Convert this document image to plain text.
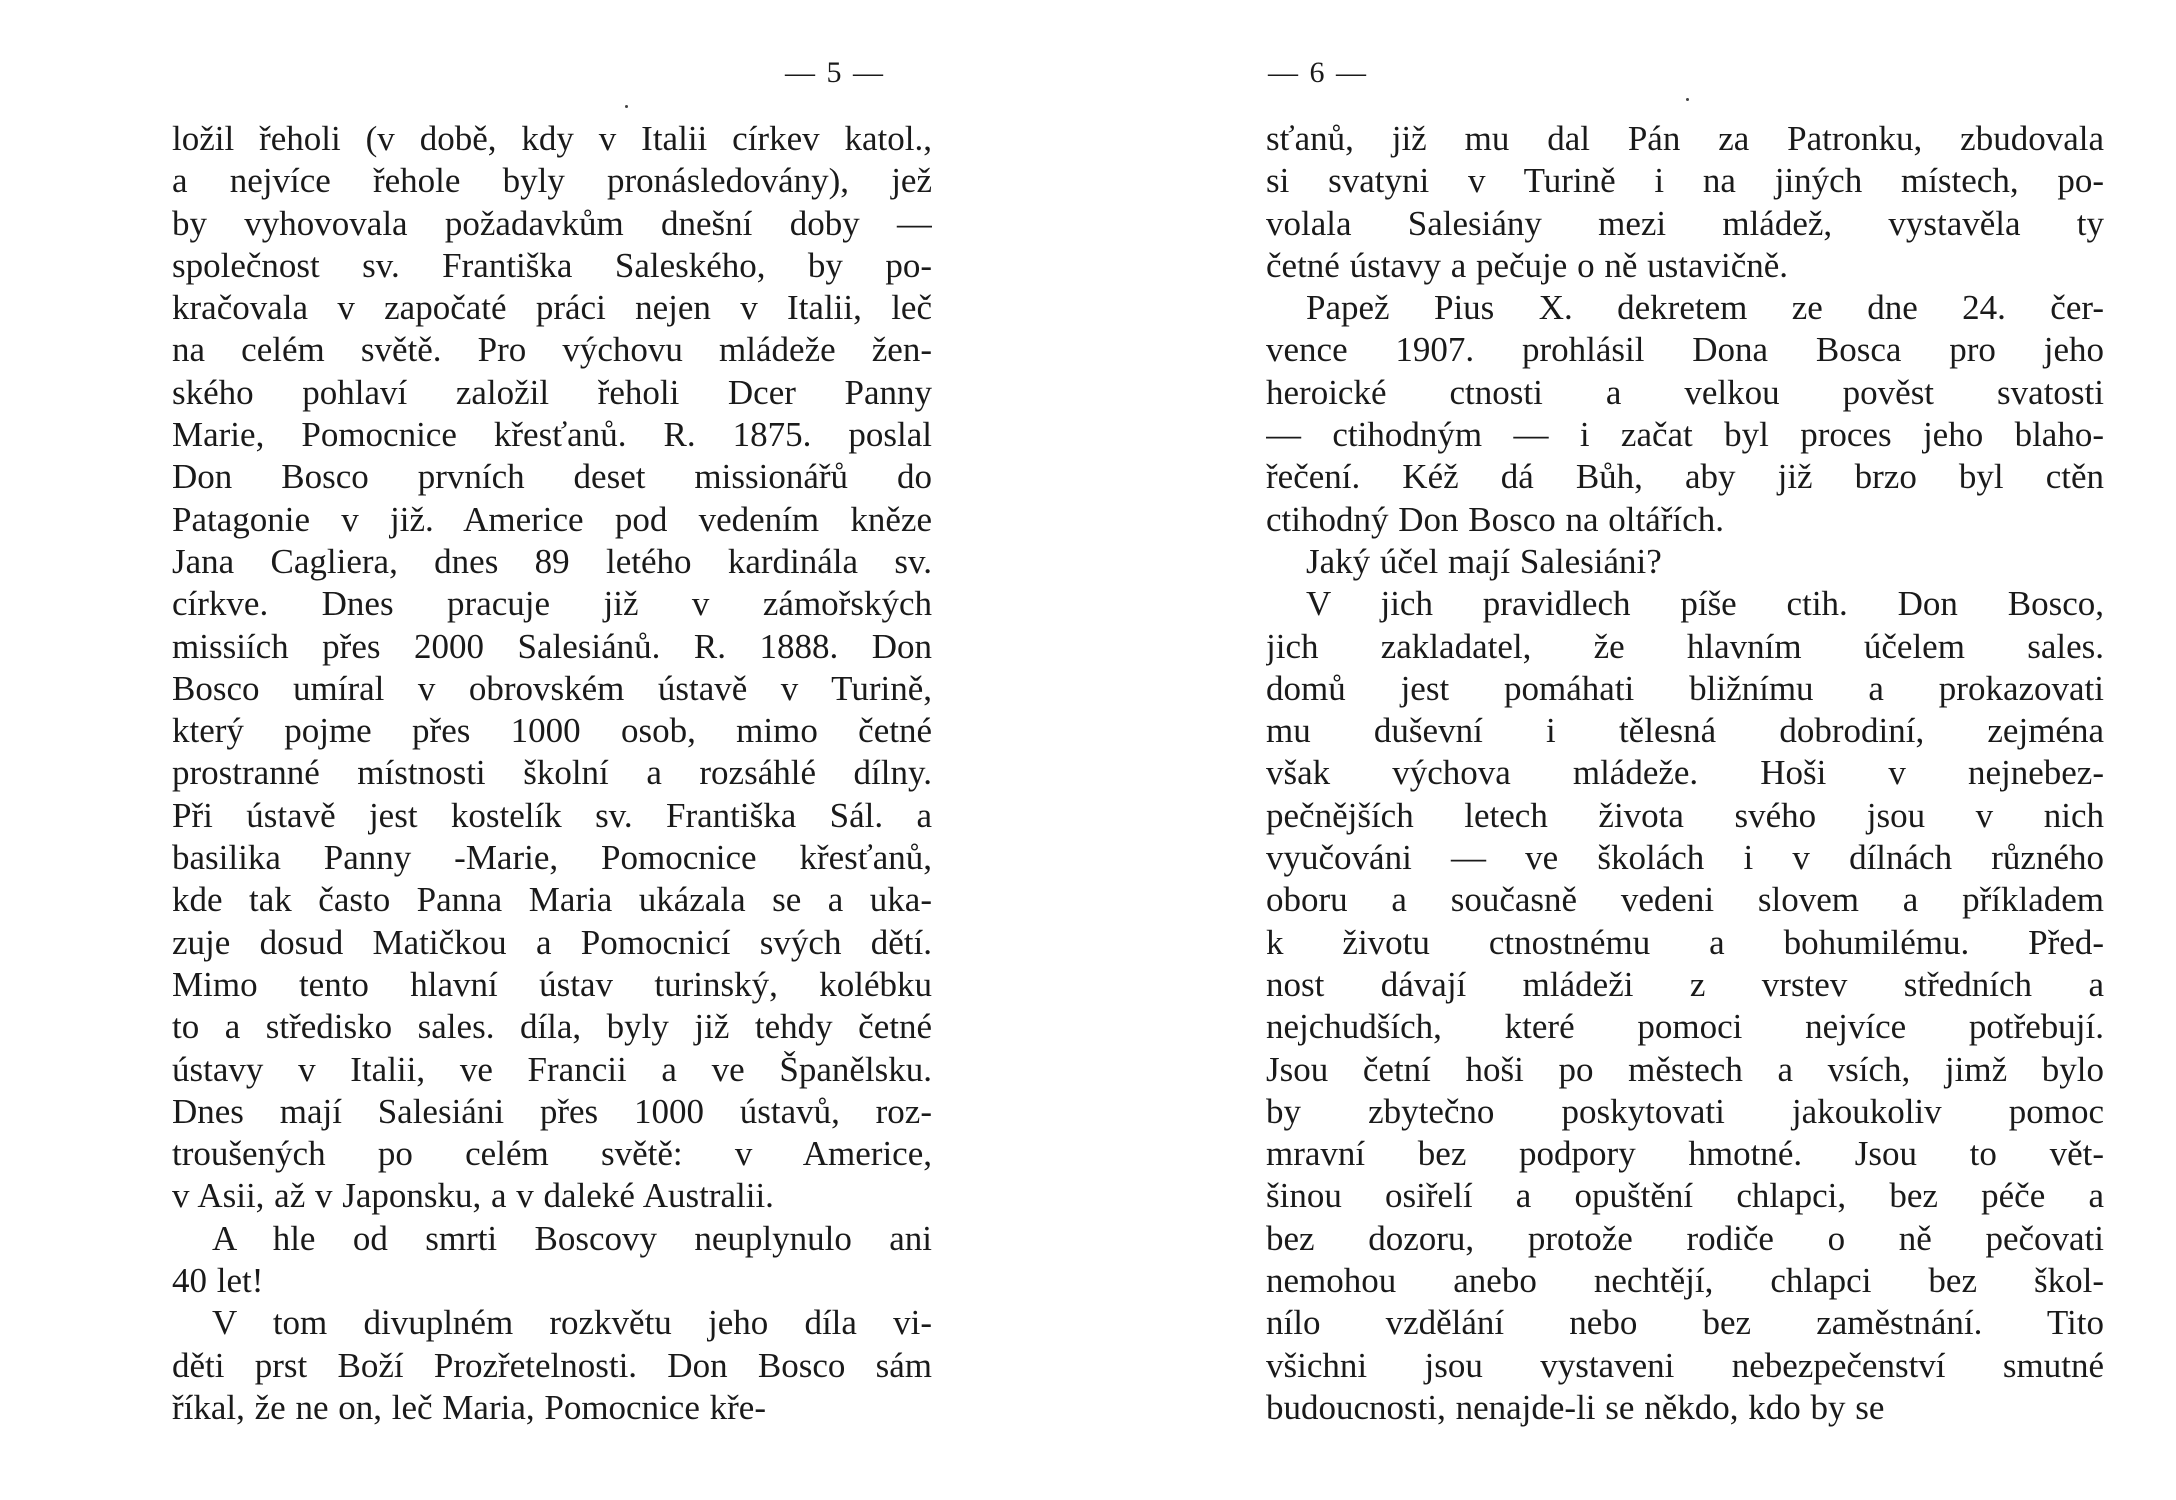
— 5 —
ložil řeholi (v době, kdy v Italii církev katol.,
a nejvíce řehole byly pronásledovány), jež
by vyhovovala požadavkům dnešní doby —
společnost sv. Františka Saleského, by po-
kračovala v započaté práci nejen v Italii, leč
na celém světě. Pro výchovu mládeže žen-
ského pohlaví založil řeholi Dcer Panny
Marie, Pomocnice křesťanů. R. 1875. poslal
Don Bosco prvních deset missionářů do
Patagonie v již. Americe pod vedením kněze
Jana Cagliera, dnes 89 letého kardinála sv.
církve. Dnes pracuje již v zámořských
missiích přes 2000 Salesiánů. R. 1888. Don
Bosco umíral v obrovském ústavě v Turině,
který pojme přes 1000 osob, mimo četné
prostranné místnosti školní a rozsáhlé dílny.
Při ústavě jest kostelík sv. Františka Sál. a
basilika Panny -Marie, Pomocnice křesťanů,
kde tak často Panna Maria ukázala se a uka-
zuje dosud Matičkou a Pomocnicí svých dětí.
Mimo tento hlavní ústav turinský, kolébku
to a středisko sales. díla, byly již tehdy četné
ústavy v Italii, ve Francii a ve Španělsku.
Dnes mají Salesiáni přes 1000 ústavů, roz-
troušených po celém světě: v Americe,
v Asii, až v Japonsku, a v daleké Australii.
A hle od smrti Boscovy neuplynulo ani
40 let!
V tom divuplném rozkvětu jeho díla vi-
děti prst Boží Prozřetelnosti. Don Bosco sám
říkal, že ne on, leč Maria, Pomocnice kře-
— 6 —
sťanů, již mu dal Pán za Patronku, zbudovala
si svatyni v Turině i na jiných místech, po-
volala Salesiány mezi mládež, vystavěla ty
četné ústavy a pečuje o ně ustavičně.
Papež Pius X. dekretem ze dne 24. čer-
vence 1907. prohlásil Dona Bosca pro jeho
heroické ctnosti a velkou pověst svatosti
— ctihodným — i začat byl proces jeho blaho-
řečení. Kéž dá Bůh, aby již brzo byl ctěn
ctihodný Don Bosco na oltářích.
Jaký účel mají Salesiáni?
V jich pravidlech píše ctih. Don Bosco,
jich zakladatel, že hlavním účelem sales.
domů jest pomáhati bližnímu a prokazovati
mu duševní i tělesná dobrodiní, zejména
však výchova mládeže. Hoši v nejnebez-
pečnějších letech života svého jsou v nich
vyučováni — ve školách i v dílnách různého
oboru a současně vedeni slovem a příkladem
k životu ctnostnému a bohumilému. Před-
nost dávají mládeži z vrstev středních a
nejchudších, které pomoci nejvíce potřebují.
Jsou četní hoši po městech a vsích, jimž bylo
by zbytečno poskytovati jakoukoliv pomoc
mravní bez podpory hmotné. Jsou to vět-
šinou osiřelí a opuštění chlapci, bez péče a
bez dozoru, protože rodiče o ně pečovati
nemohou anebo nechtějí, chlapci bez škol-
nílo vzdělání nebo bez zaměstnání. Tito
všichni jsou vystaveni nebezpečenství smutné
budoucnosti, nenajde-li se někdo, kdo by se
